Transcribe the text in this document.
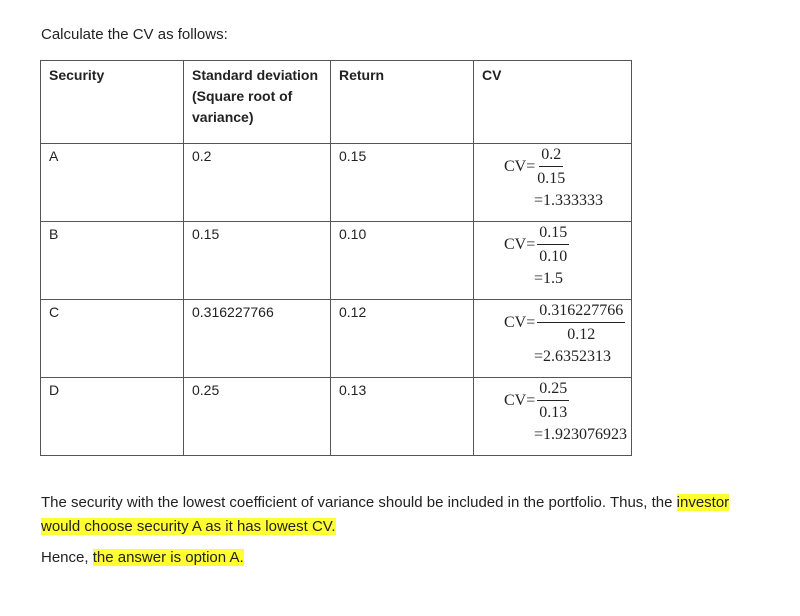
Calculate the CV as follows:

Security	Standard deviation (Square root of variance)	Return	CV
A	0.2	0.15	$CV= \frac{0.2}{0.15}$
=1.333333

B	0.15	0.10	$CV= \frac{0.15}{0.10}$
=1.5

C	0.316227766	0.12	$CV= \frac{0.316227766}{0.12}$
=2.6352313

D	0.25	0.13	$CV= \frac{0.25}{0.13}$
=1.923076923

The security with the lowest coefficient of variance should be included in the portfolio. Thus, the investor would choose security A as it has lowest CV.

Hence, the answer is option A.
